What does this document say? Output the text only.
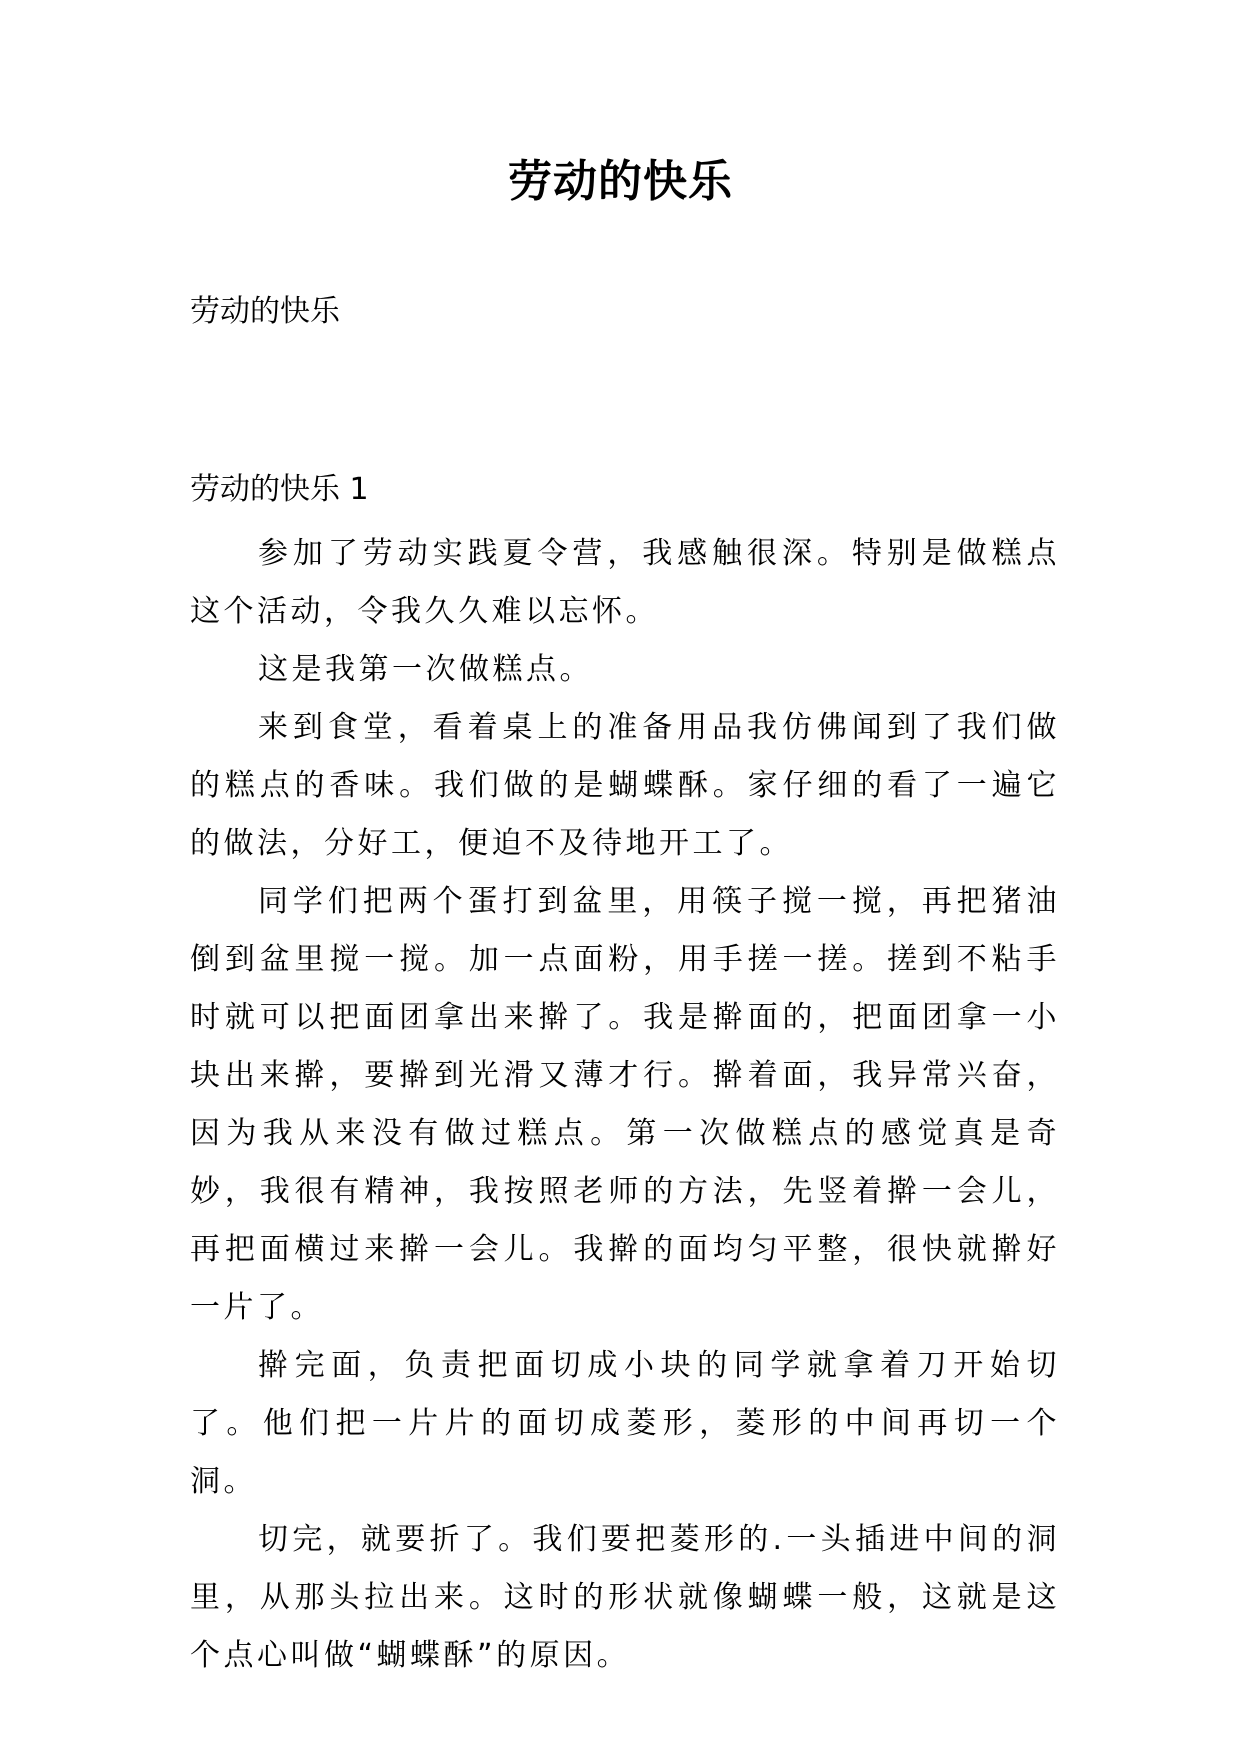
劳动的快乐

劳动的快乐

劳动的快乐 1

参加了劳动实践夏令营，我感触很深。特别是做糕点这个活动，令我久久难以忘怀。

这是我第一次做糕点。

来到食堂，看着桌上的准备用品我仿佛闻到了我们做的糕点的香味。我们做的是蝴蝶酥。家仔细的看了一遍它的做法，分好工，便迫不及待地开工了。

同学们把两个蛋打到盆里，用筷子搅一搅，再把猪油倒到盆里搅一搅。加一点面粉，用手搓一搓。搓到不粘手时就可以把面团拿出来擀了。我是擀面的，把面团拿一小块出来擀，要擀到光滑又薄才行。擀着面，我异常兴奋，因为我从来没有做过糕点。第一次做糕点的感觉真是奇妙，我很有精神，我按照老师的方法，先竖着擀一会儿，再把面横过来擀一会儿。我擀的面均匀平整，很快就擀好一片了。

擀完面，负责把面切成小块的同学就拿着刀开始切了。他们把一片片的面切成菱形，菱形的中间再切一个洞。

切完，就要折了。我们要把菱形的.一头插进中间的洞里，从那头拉出来。这时的形状就像蝴蝶一般，这就是这个点心叫做“蝴蝶酥”的原因。
